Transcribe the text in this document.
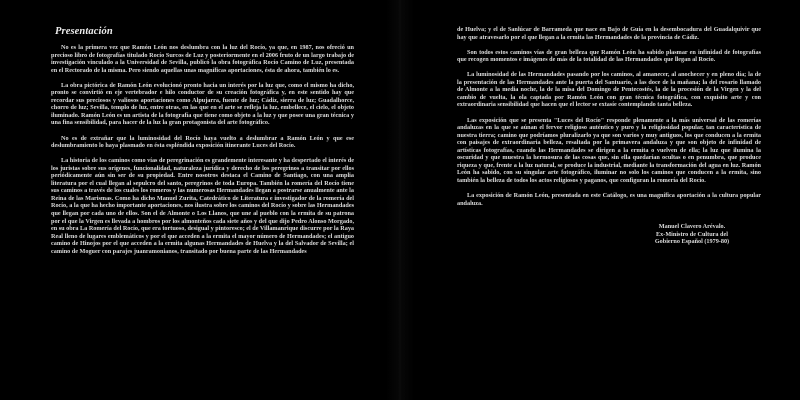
Presentación

No es la primera vez que Ramón León nos deslumbra con la luz del Rocío, ya que, en 1987, nos ofreció un precioso libro de fotografías titulado Rocío Surcos de Luz y posteriormente en el 2006 fruto de un largo trabajo de investigación vinculado a la Universidad de Sevilla, publicó la obra fotográfica Rocío Camino de Luz, presentada en el Rectorado de la misma. Pero siendo aquellas unas magníficas aportaciones, ésta de ahora, también lo es.

La obra pictórica de Ramón León evolucionó pronto hacia un interés por la luz que, como el mismo ha dicho, pronto se convirtió en eje vertebrador e hilo conductor de su creación fotográfica y, en este sentido hay que recordar sus preciosos y valiosos aportaciones como Alpujarra, fuente de luz; Cádiz, sierra de luz; Guadalhorce, chorro de luz; Sevilla, templo de luz, entre otras, en las que en el arte se refleja la luz, embellece, el cielo, el objeto iluminado. Ramón León es un artista de la fotografía que tiene como objeto a la luz y que posee una gran técnica y una fina sensibilidad, para hacer de la luz la gran protagonista del arte fotográfico.

No es de extrañar que la luminosidad del Rocío haya vuelto a deslumbrar a Ramón León y que ese deslumbramiento lo haya plasmado en ésta espléndida exposición itinerante Luces del Rocío.

La historia de los caminos como vías de peregrinación es grandemente interesante y ha despertado el interés de los juristas sobre sus orígenes, funcionalidad, naturaleza jurídica y derecho de los peregrinos a transitar por ellos periódicamente aún sin ser de su propiedad. Entre nosotros destaca el Camino de Santiago, con una amplia literatura por el cual llegan al sepulcro del santo, peregrinos de toda Europa. También la romería del Rocío tiene sus caminos a través de los cuales los romeros y las numerosas Hermandades llegan a postrarse anualmente ante la Reina de las Marismas. Como ha dicho Manuel Zurita, Catedrático de Literatura e investigador de la romería del Rocío, a la que ha hecho importante aportaciones, nos ilustra sobre los caminos del Rocío y sobre las Hermandades que llegan por cada uno de ellos. Son el de Almonte o Los Llanos, que une al pueblo con la ermita de su patrona por el que la Virgen es llevada a hombros por los almonteños cada siete años y del que dijo Pedro Alonso Morgado, en su obra La Romería del Rocío, que era tortuoso, desigual y pintoresco; el de Villamanrique discurre por la Raya Real lleno de lugares emblemáticos y por el que acceden a la ermita el mayor número de Hermandades; el antiguo camino de Hinojos por el que acceden a la ermita algunas Hermandades de Huelva y la del Salvador de Sevilla; el camino de Moguer con parajes juanramonianos, transitado por buena parte de las Hermandades

de Huelva; y el de Sanlúcar de Barrameda que nace en Bajo de Guía en la desembocadura del Guadalquivir que hay que atravesarlo por el que llegan a la ermita las Hermandades de la provincia de Cádiz.

Son todos estos caminos vías de gran belleza que Ramón León ha sabido plasmar en infinidad de fotografías que recogen momentos e imágenes de más de la totalidad de las Hermandades que llegan al Rocío.

La luminosidad de las Hermandades pasando por los caminos, al amanecer, al anochecer y en pleno día; la de la presentación de las Hermandades ante la puerta del Santuario, a las doce de la mañana; la del rosario llamado de Almonte a la media noche, la de la misa del Domingo de Pentecostés, la de la procesión de la Virgen y la del cambio de vuelta, la ola captada por Ramón León con gran técnica fotográfica, con exquisito arte y con extraordinaria sensibilidad que hacen que el lector se extasíe contemplando tanta belleza.

Las exposición que se presenta "Luces del Rocío" responde plenamente a la más universal de las romerías andaluzas en la que se aúnan el fervor religioso auténtico y puro y la religiosidad popular, tan característica de nuestra tierra; camino que podríamos pluralizarlo ya que son varios y muy antiguos, los que conducen a la ermita con paisajes de extraordinaria belleza, resaltada por la primavera andaluza y que son objeto de infinidad de artísticas fotografías, cuando las Hermandades se dirigen a la ermita o vuelven de ella; la luz que ilumina la oscuridad y que muestra la hermosura de las cosas que, sin ella quedarían ocultas o en penumbra, que produce riqueza y que, frente a la luz natural, se produce la industrial, mediante la transformación del agua en luz. Ramón León ha sabido, con su singular arte fotográfico, iluminar no solo los caminos que conducen a la ermita, sino también la belleza de todos los actos religiosos y paganos, que configuran la romería del Rocío.

La exposición de Ramón León, presentada en este Catálogo, es una magnífica aportación a la cultura popular andaluza.

Manuel Clavero Arévalo.
Ex-Ministro de Cultura del
Gobierno Español (1979-80)
